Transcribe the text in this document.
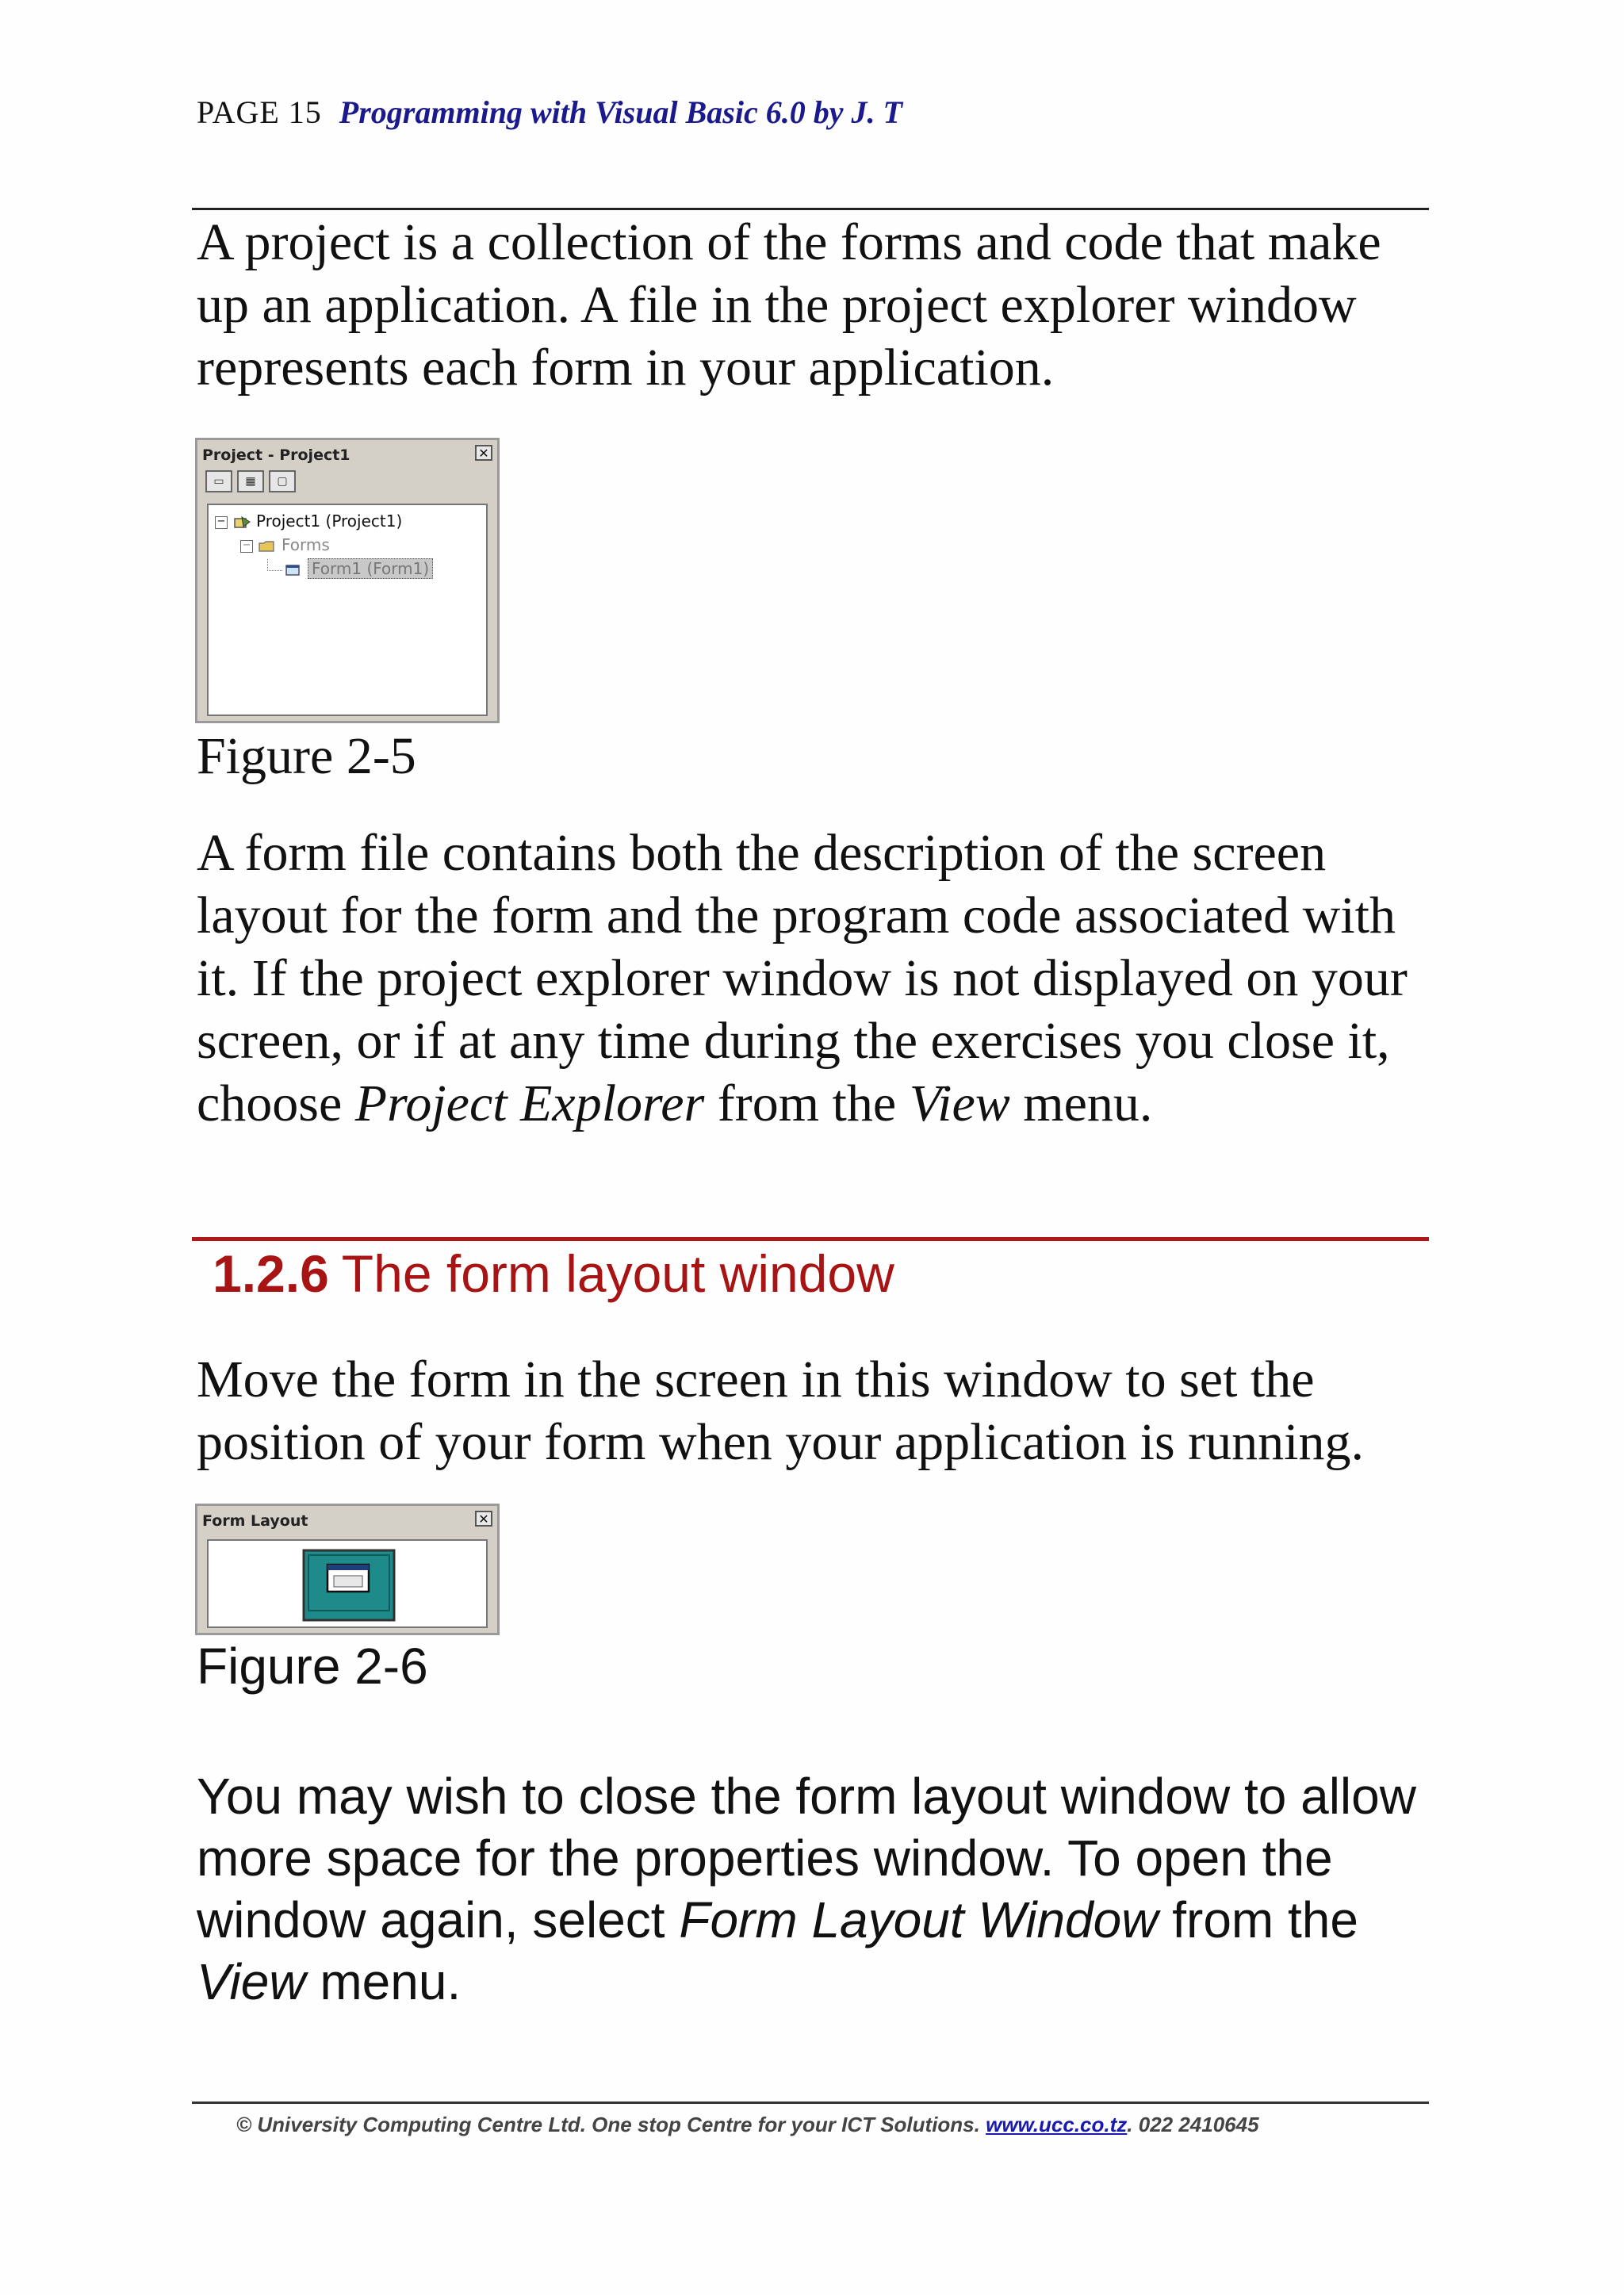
PAGE 15 Programming with Visual Basic 6.0 by J. T

A project is a collection of the forms and code that make up an application. A file in the project explorer window represents each form in your application.

Project - Project1	✕
▭ ▦ ▢
− Project1 (Project1)
− Forms
Form1 (Form1)
Figure 2-5

A form file contains both the description of the screen layout for the form and the program code associated with it. If the project explorer window is not displayed on your screen, or if at any time during the exercises you close it, choose Project Explorer from the View menu.

1.2.6 The form layout window

Move the form in the screen in this window to set the position of your form when your application is running.

Form Layout	✕
Figure 2-6

You may wish to close the form layout window to allow more space for the properties window. To open the window again, select Form Layout Window from the View menu.

© University Computing Centre Ltd. One stop Centre for your ICT Solutions. www.ucc.co.tz. 022 2410645
